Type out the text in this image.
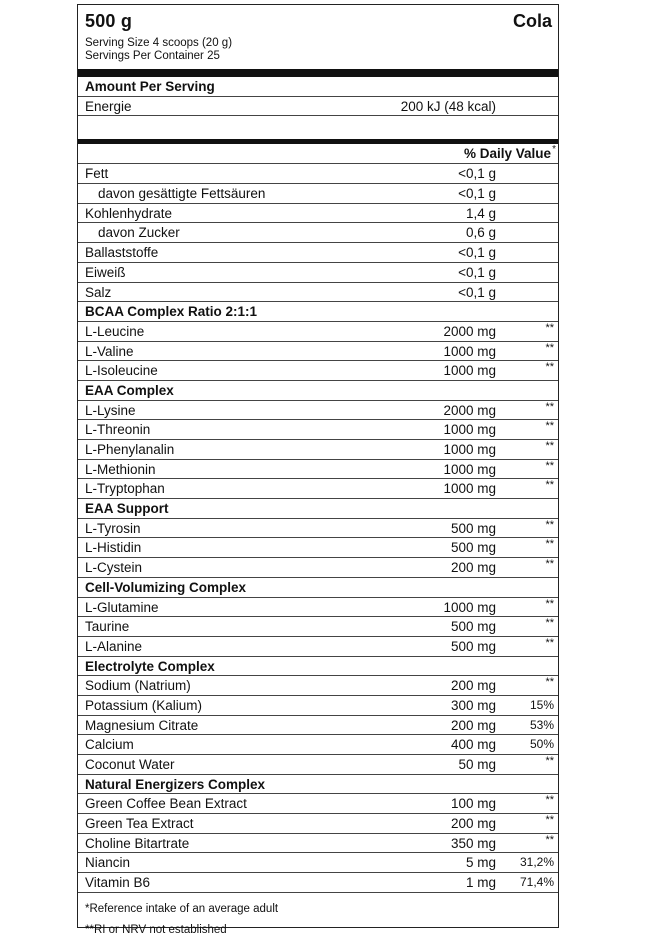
500 g	Cola
Serving Size 4 scoops (20 g)
Servings Per Container 25
Amount Per Serving
Energie	200 kJ (48 kcal)
% Daily Value *
Fett	<0,1 g
davon gesättigte Fettsäuren	<0,1 g
Kohlenhydrate	1,4 g
davon Zucker	0,6 g
Ballaststoffe	<0,1 g
Eiweiß	<0,1 g
Salz	<0,1 g
BCAA Complex Ratio 2:1:1
L-Leucine	2000 mg	**
L-Valine	1000 mg	**
L-Isoleucine	1000 mg	**
EAA Complex
L-Lysine	2000 mg	**
L-Threonin	1000 mg	**
L-Phenylanalin	1000 mg	**
L-Methionin	1000 mg	**
L-Tryptophan	1000 mg	**
EAA Support
L-Tyrosin	500 mg	**
L-Histidin	500 mg	**
L-Cystein	200 mg	**
Cell-Volumizing Complex
L-Glutamine	1000 mg	**
Taurine	500 mg	**
L-Alanine	500 mg	**
Electrolyte Complex
Sodium (Natrium)	200 mg	**
Potassium (Kalium)	300 mg	15%
Magnesium Citrate	200 mg	53%
Calcium	400 mg	50%
Coconut Water	50 mg	**
Natural Energizers Complex
Green Coffee Bean Extract	100 mg	**
Green Tea Extract	200 mg	**
Choline Bitartrate	350 mg	**
Niancin	5 mg 31,2%
Vitamin B6	1 mg 71,4%
*Reference intake of an average adult
**RI or NRV not established
